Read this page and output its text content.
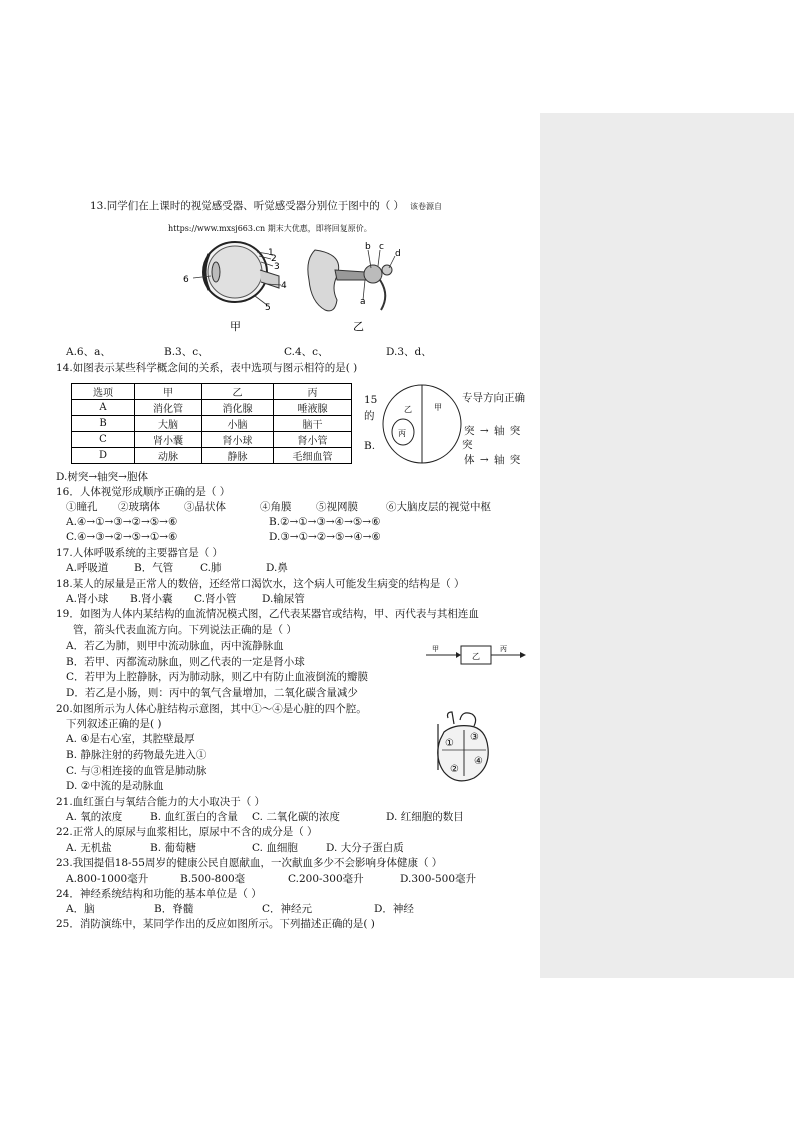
13.同学们在上课时的视觉感受器、听觉感受器分别位于图中的（ ） 该卷源自
https://www.mxsj663.cn 期末大优惠，即将回复原价。
1
2
3
4
5
6
甲
a
b c
d
乙
A.6、a、	B.3、c、	C.4、c、	D.3、d、
14.如图表示某些科学概念间的关系，表中选项与图示相符的是( )
选项	甲	乙	丙
A	消化管	消化腺	唾液腺
B	大脑	小脑	脑干
C	肾小囊	肾小球	肾小管
D	动脉	静脉	毛细血管
15
的
B.
乙	甲
丙
专导方向正确
突 → 轴 突
突
体 → 轴 突
D.树突→轴突→胞体
16．人体视觉形成顺序正确的是（ ）
①瞳孔 ②玻璃体 ③晶状体	④角膜 ⑤视网膜	⑥大脑皮层的视觉中枢
A.④→①→③→②→⑤→⑥	B.②→①→③→④→⑤→⑥
C.④→③→②→⑤→①→⑥	D.③→①→②→⑤→④→⑥
17.人体呼吸系统的主要器官是（ ）
A.呼吸道 B．气管	C.肺	D.鼻
18.某人的尿量是正常人的数倍，还经常口渴饮水，这个病人可能发生病变的结构是（ ）
A.肾小球 B.肾小囊 C.肾小管 D.输尿管
19．如图为人体内某结构的血流情况模式图，乙代表某器官或结构，甲、丙代表与其相连血
管，箭头代表血流方向。下列说法正确的是（ ）
甲
乙
丙
A．若乙为肺，则甲中流动脉血，丙中流静脉血
B．若甲、丙都流动脉血，则乙代表的一定是肾小球
C．若甲为上腔静脉，丙为肺动脉，则乙中有防止血液倒流的瓣膜
D．若乙是小肠，则：丙中的氧气含量增加，二氧化碳含量减少
20.如图所示为人体心脏结构示意图，其中①～④是心脏的四个腔。
下列叙述正确的是( )
A. ④是右心室，其腔壁最厚
B. 静脉注射的药物最先进入①
C. 与③相连接的血管是肺动脉
D. ②中流的是动脉血
①
②
③
④
21.血红蛋白与氧结合能力的大小取决于（ ）
A. 氧的浓度	B. 血红蛋白的含量 C. 二氧化碳的浓度	D. 红细胞的数目
22.正常人的原尿与血浆相比，原尿中不含的成分是（ ）
A. 无机盐	B. 葡萄糖	C. 血细胞	D. 大分子蛋白质
23.我国提倡18-55周岁的健康公民自愿献血，一次献血多少不会影响身体健康（ ）
A.800-1000毫升	B.500-800毫	C.200-300毫升	D.300-500毫升
24．神经系统结构和功能的基本单位是（ ）
A．脑	B．脊髓	C．神经元	D．神经
25．消防演练中，某同学作出的反应如图所示。下列描述正确的是( )
